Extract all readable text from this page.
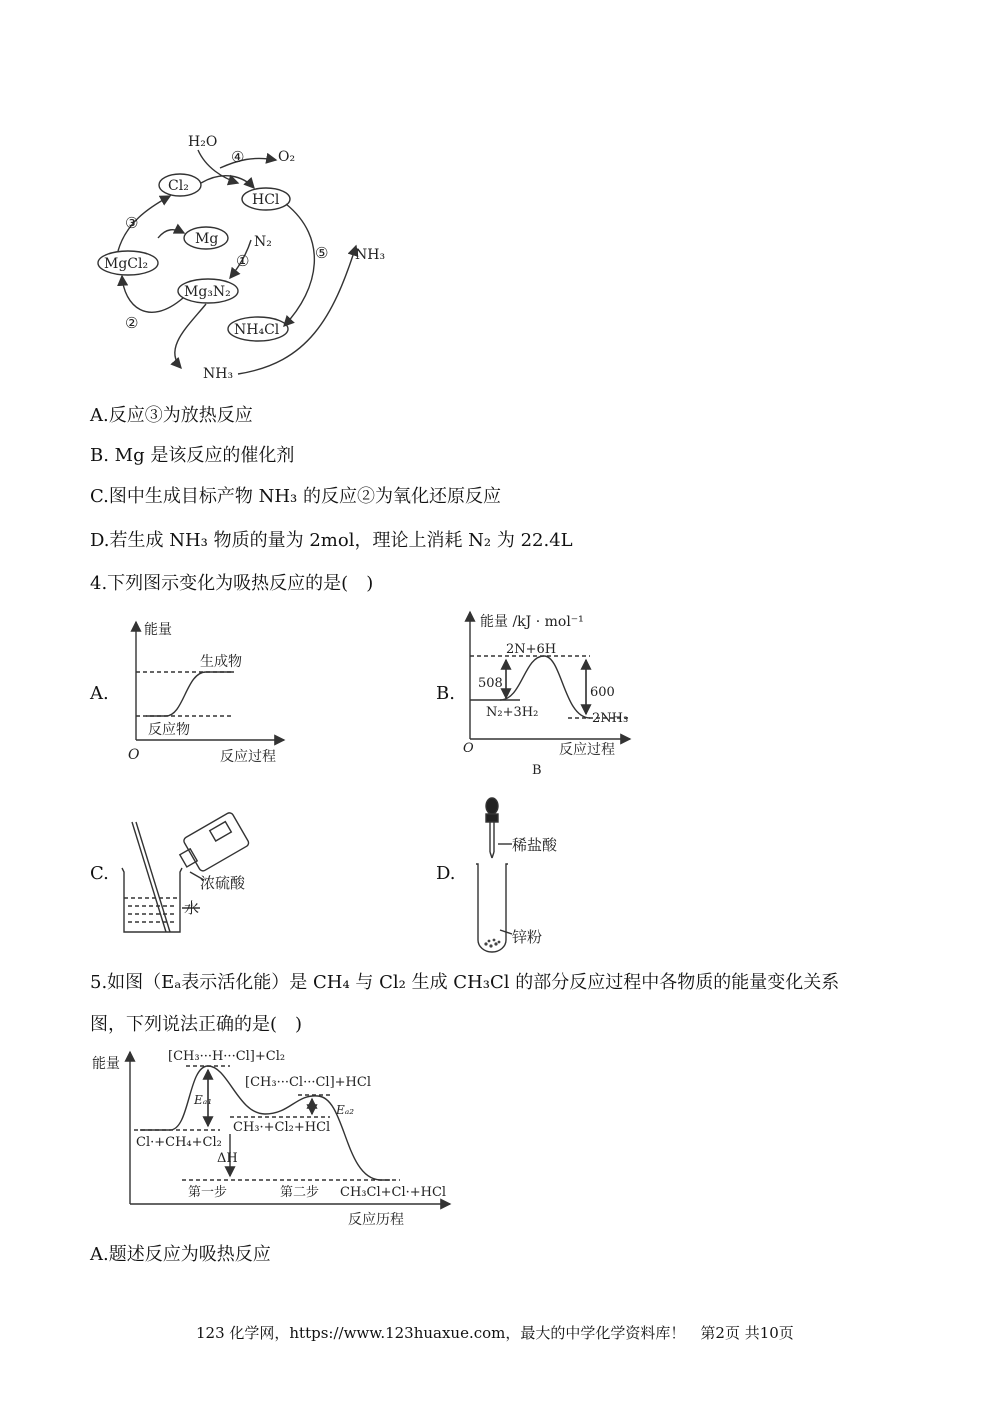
H₂O
O₂
④
Cl₂
HCl
③
Mg	N₂
MgCl₂	①	⑤ NH₃
Mg₃N₂
②	NH₄Cl
NH₃
A.反应③为放热反应
B. Mg 是该反应的催化剂
C.图中生成目标产物 NH₃ 的反应②为氧化还原反应
D.若生成 NH₃ 物质的量为 2mol，理论上消耗 N₂ 为 22.4L
4.下列图示变化为吸热反应的是(　)
A.
能量
生成物
反应物
O	反应过程
B.
能量 /kJ · mol⁻¹
2N+6H
508
600
N₂+3H₂	2NH₃
O	反应过程
B
C.	浓硫酸
水
D.
稀盐酸
锌粉
5.如图（Eₐ表示活化能）是 CH₄ 与 Cl₂ 生成 CH₃Cl 的部分反应过程中各物质的能量变化关系
图，下列说法正确的是(　)
能量	[CH₃···H···Cl]+Cl₂
[CH₃···Cl···Cl]+HCl
Eₐ₁
Eₐ₂
Cl·+CH₄+Cl₂
CH₃·+Cl₂+HCl
ΔH
第一步	第二步 CH₃Cl+Cl·+HCl
反应历程
A.题述反应为吸热反应
123 化学网，https://www.123huaxue.com，最大的中学化学资料库！　第2页 共10页
